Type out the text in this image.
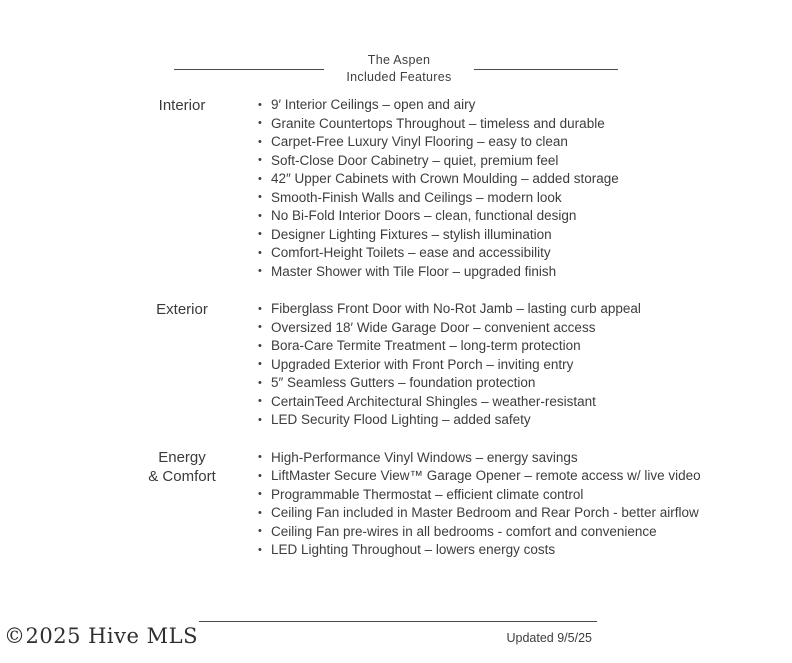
The Aspen
Included Features
Interior	• 9′ Interior Ceilings – open and airy
• Granite Countertops Throughout – timeless and durable
• Carpet-Free Luxury Vinyl Flooring – easy to clean
• Soft-Close Door Cabinetry – quiet, premium feel
• 42″ Upper Cabinets with Crown Moulding – added storage
• Smooth-Finish Walls and Ceilings – modern look
• No Bi-Fold Interior Doors – clean, functional design
• Designer Lighting Fixtures – stylish illumination
• Comfort-Height Toilets – ease and accessibility
• Master Shower with Tile Floor – upgraded finish
Exterior	• Fiberglass Front Door with No-Rot Jamb – lasting curb appeal
• Oversized 18′ Wide Garage Door – convenient access
• Bora-Care Termite Treatment – long-term protection
• Upgraded Exterior with Front Porch – inviting entry
• 5″ Seamless Gutters – foundation protection
• CertainTeed Architectural Shingles – weather-resistant
• LED Security Flood Lighting – added safety
Energy
& Comfort
• High-Performance Vinyl Windows – energy savings
• LiftMaster Secure View™ Garage Opener – remote access w/ live video
• Programmable Thermostat – efficient climate control
• Ceiling Fan included in Master Bedroom and Rear Porch - better airflow
• Ceiling Fan pre-wires in all bedrooms - comfort and convenience
• LED Lighting Throughout – lowers energy costs
Updated 9/5/25
©2025 Hive MLS
